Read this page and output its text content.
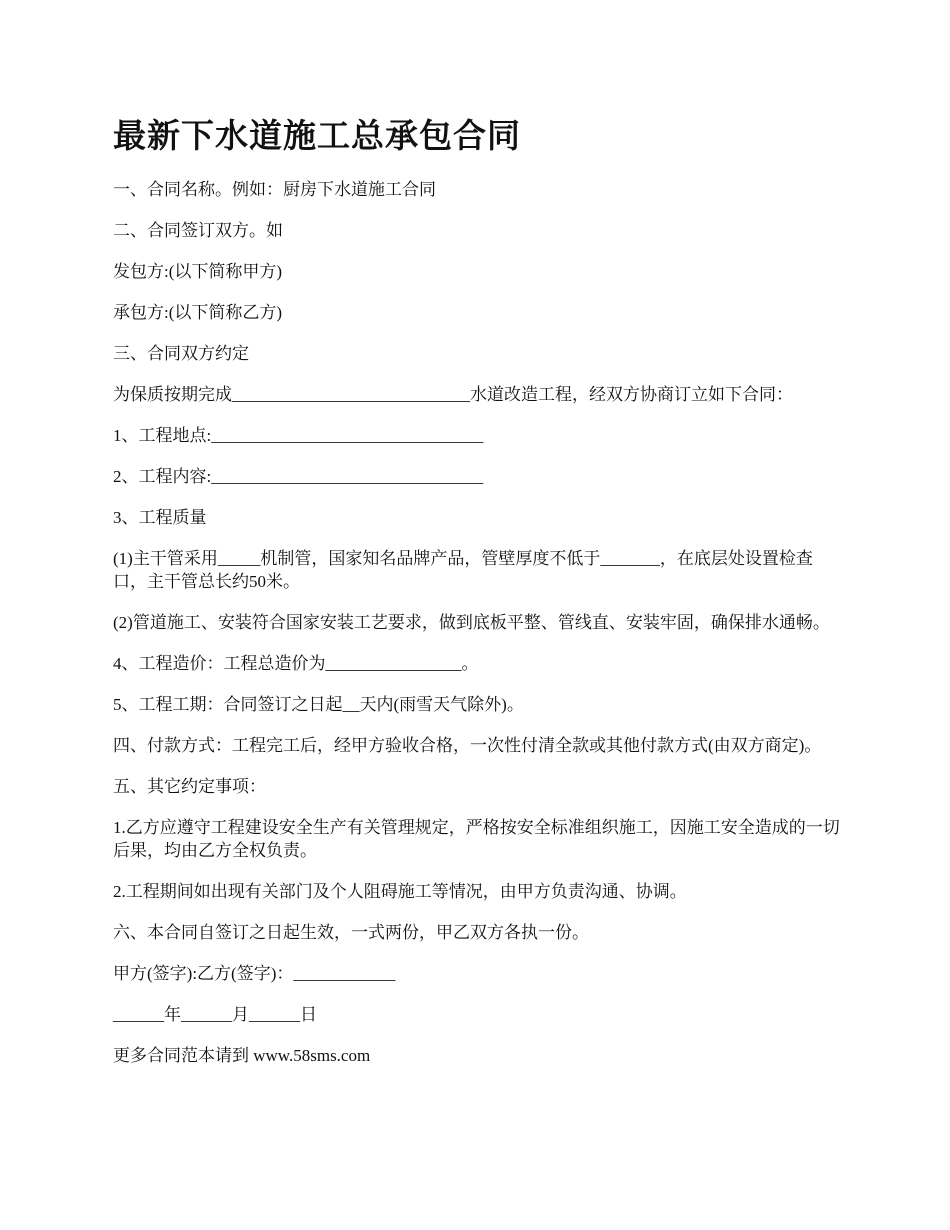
最新下水道施工总承包合同

一、合同名称。例如：厨房下水道施工合同

二、合同签订双方。如

发包方:(以下简称甲方)

承包方:(以下简称乙方)

三、合同双方约定

为保质按期完成____________________________水道改造工程，经双方协商订立如下合同：

1、工程地点:________________________________

2、工程内容:________________________________

3、工程质量

(1)主干管采用_____机制管，国家知名品牌产品，管壁厚度不低于_______，在底层处设置检查口，主干管总长约50米。

(2)管道施工、安装符合国家安装工艺要求，做到底板平整、管线直、安装牢固，确保排水通畅。

4、工程造价：工程总造价为________________。

5、工程工期：合同签订之日起__天内(雨雪天气除外)。

四、付款方式：工程完工后，经甲方验收合格，一次性付清全款或其他付款方式(由双方商定)。

五、其它约定事项：

1.乙方应遵守工程建设安全生产有关管理规定，严格按安全标准组织施工，因施工安全造成的一切后果，均由乙方全权负责。

2.工程期间如出现有关部门及个人阻碍施工等情况，由甲方负责沟通、协调。

六、本合同自签订之日起生效，一式两份，甲乙双方各执一份。

甲方(签字):乙方(签字)：____________

______年______月______日

更多合同范本请到 www.58sms.com
